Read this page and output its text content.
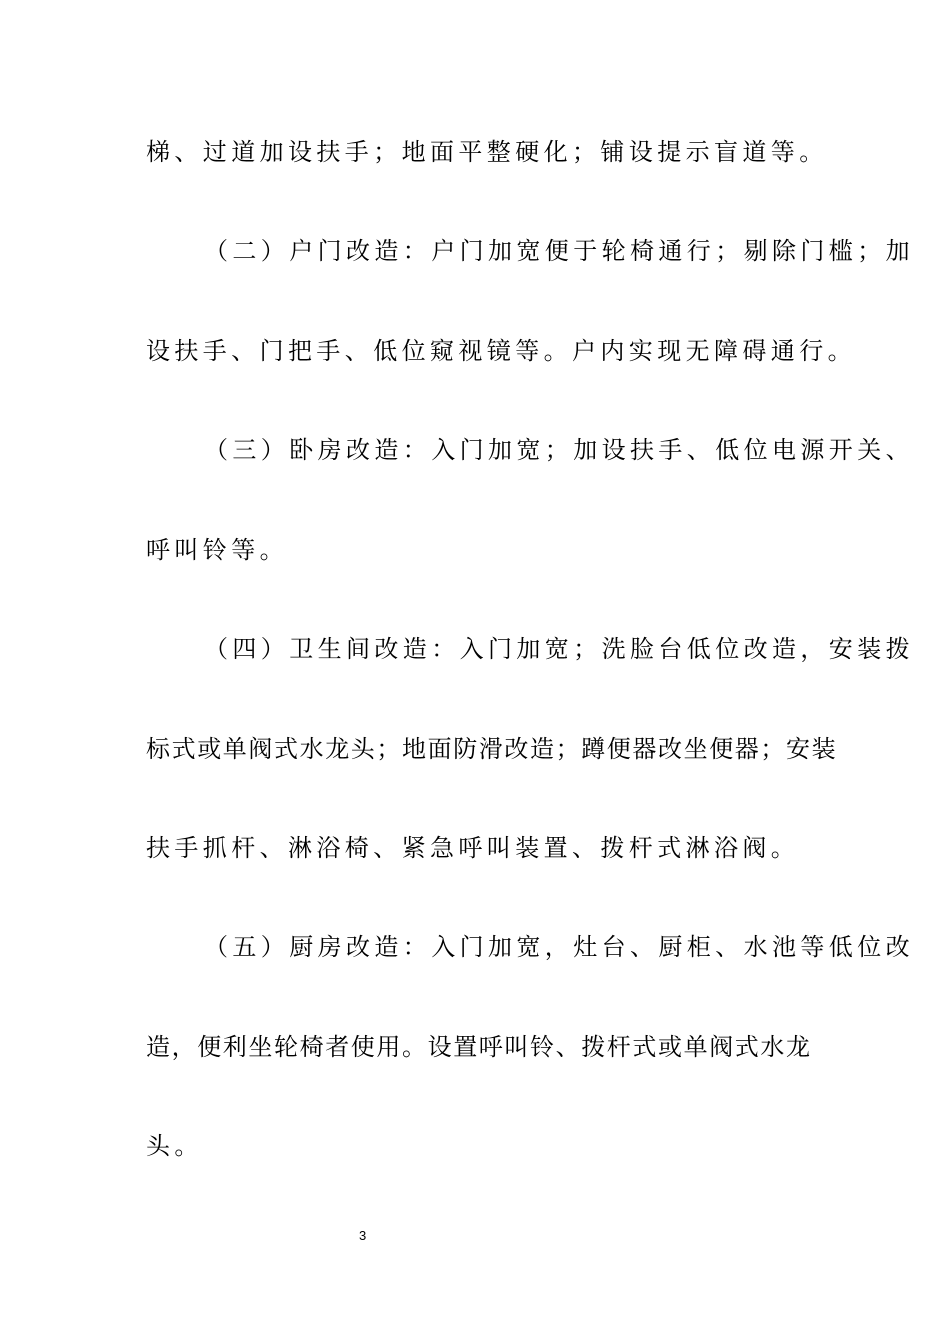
梯、过道加设扶手；地面平整硬化；铺设提示盲道等。
（二）户门改造：户门加宽便于轮椅通行；剔除门槛；加
设扶手、门把手、低位窥视镜等。户内实现无障碍通行。
（三）卧房改造：入门加宽；加设扶手、低位电源开关、
呼叫铃等。
（四）卫生间改造：入门加宽；洗脸台低位改造，安装拨
标式或单阀式水龙头；地面防滑改造；蹲便器改坐便器；安装
扶手抓杆、淋浴椅、紧急呼叫装置、拨杆式淋浴阀。
（五）厨房改造：入门加宽，灶台、厨柜、水池等低位改
造，便利坐轮椅者使用。设置呼叫铃、拨杆式或单阀式水龙
头。
3
